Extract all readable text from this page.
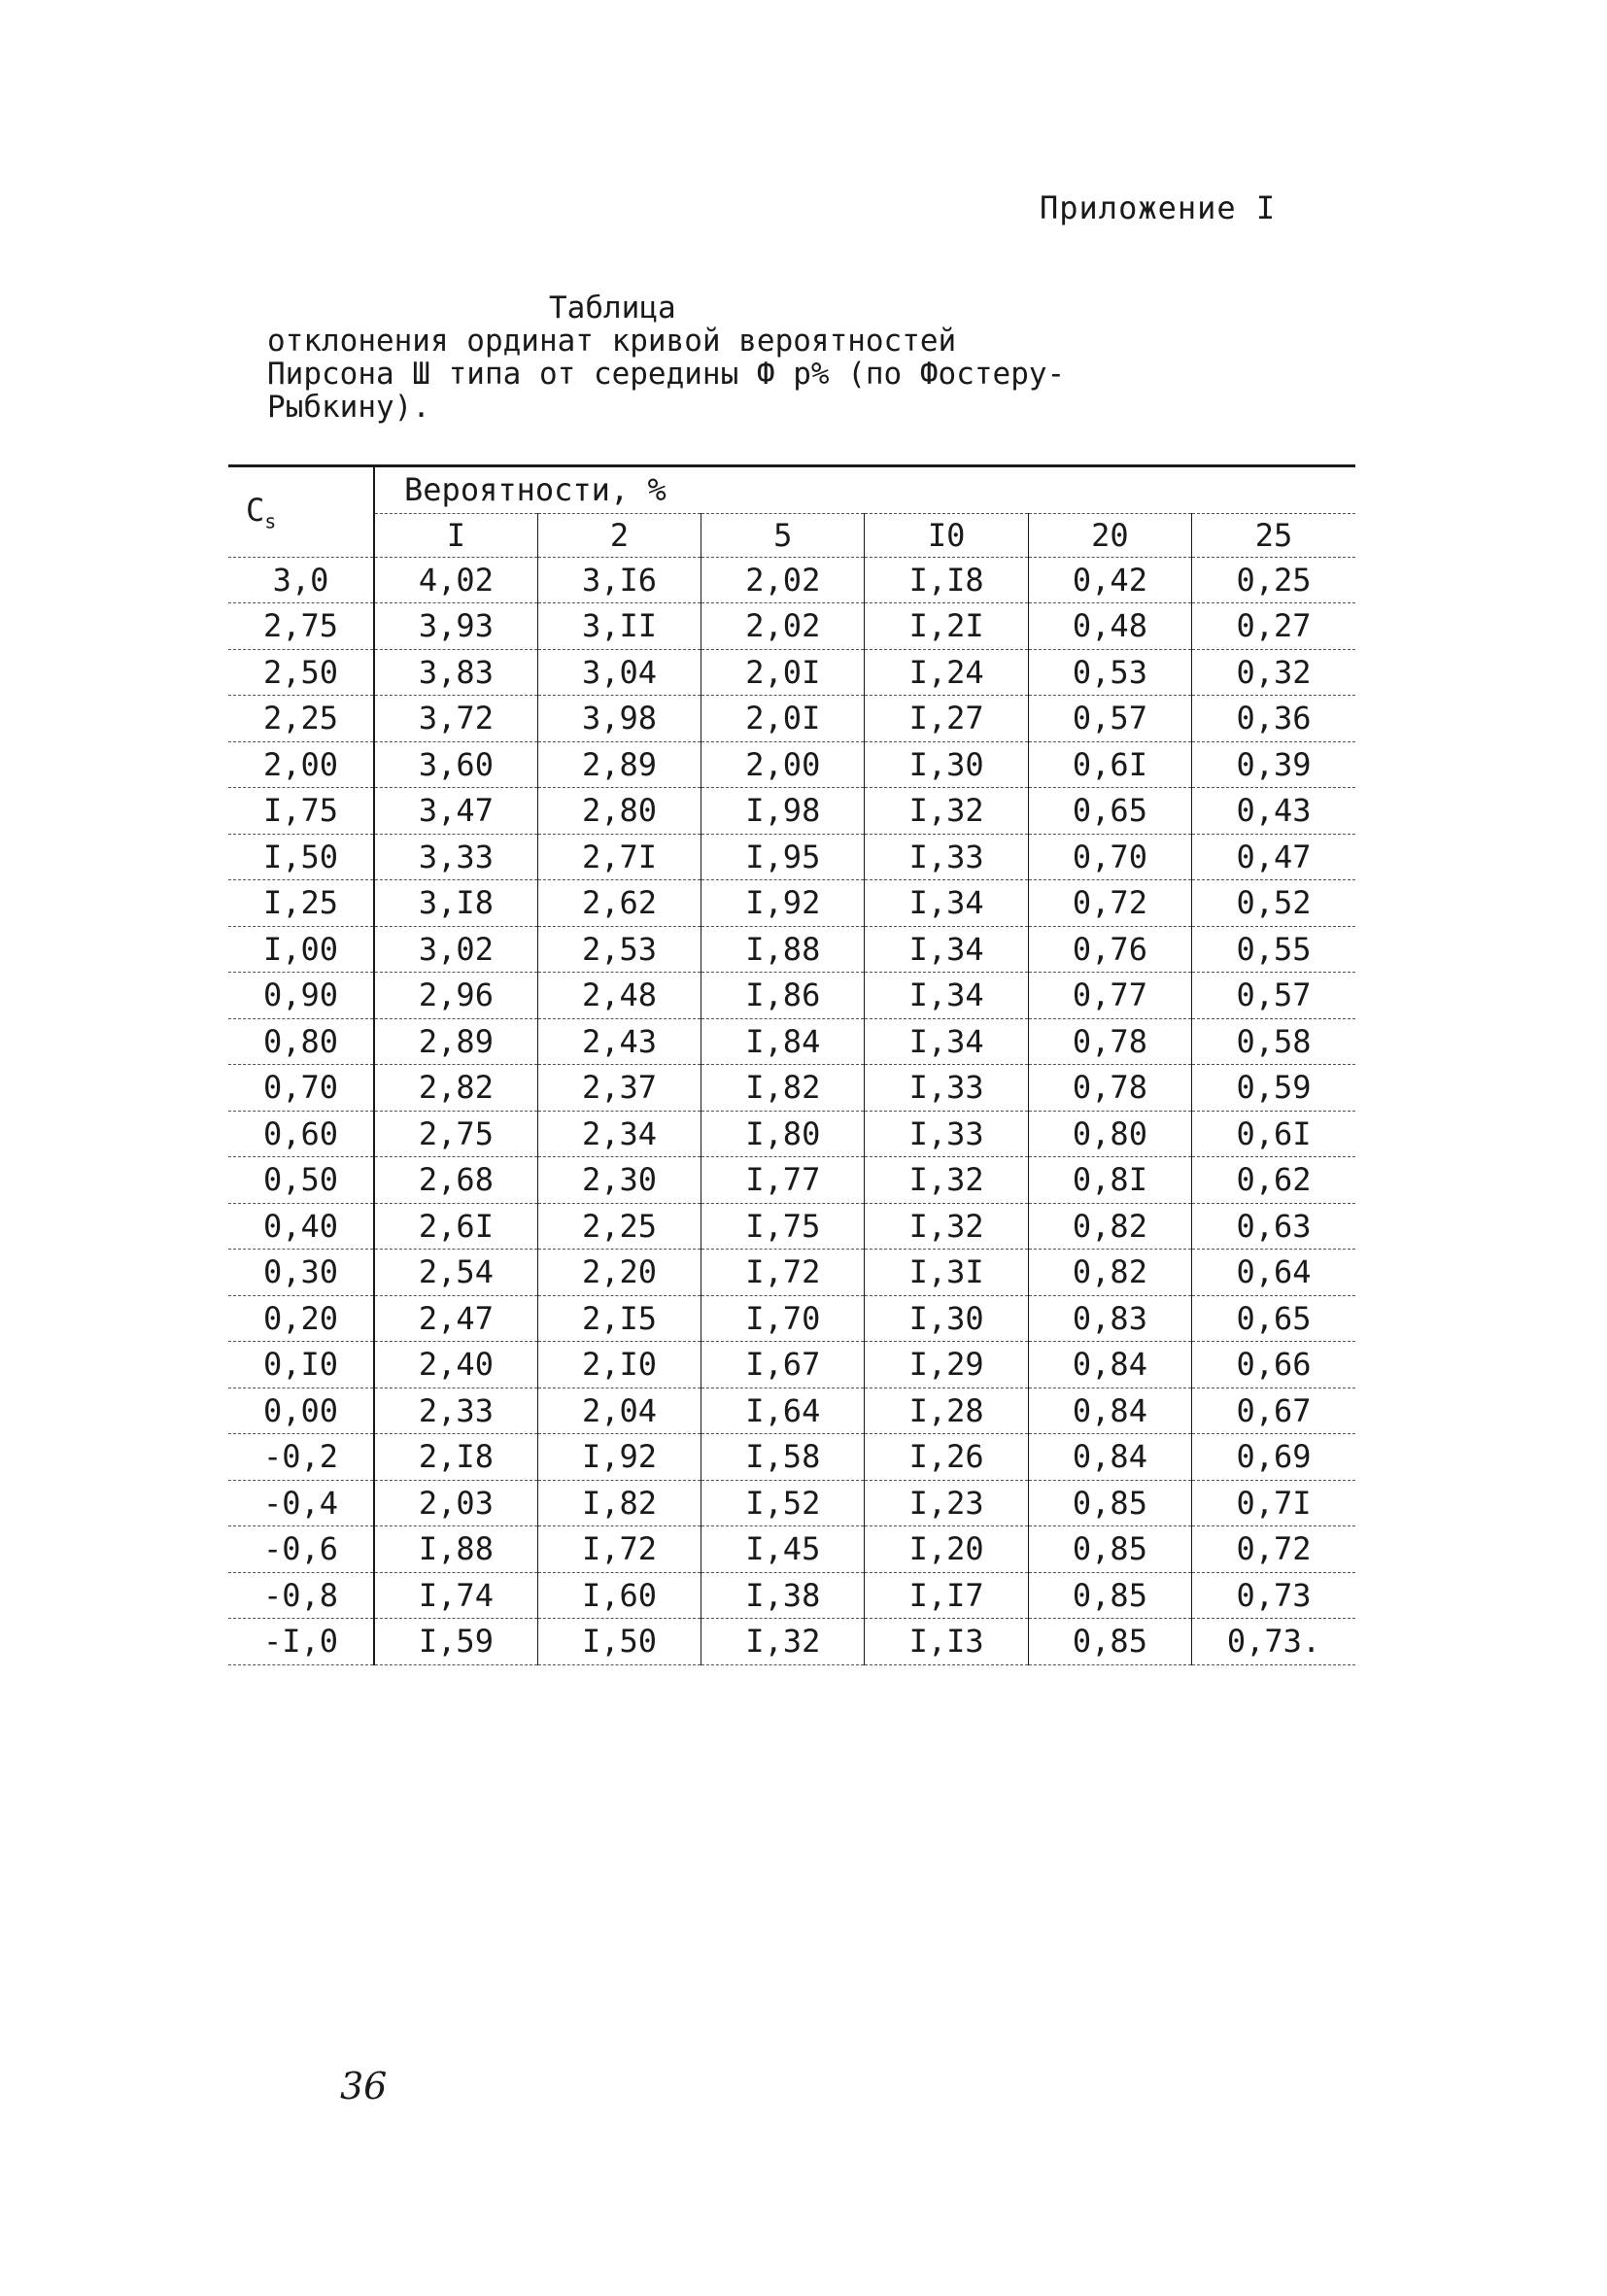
Приложение I
Таблица
отклонения ординат кривой вероятностей
Пирсона Ш типа от середины Ф р% (по Фостеру-
Рыбкину).
$C_s$	Вероятности, %					
	I	2	5	I0	20	25
3,0	4,02	3,I6	2,02	I,I8	0,42	0,25
2,75	3,93	3,II	2,02	I,2I	0,48	0,27
2,50	3,83	3,04	2,0I	I,24	0,53	0,32
2,25	3,72	3,98	2,0I	I,27	0,57	0,36
2,00	3,60	2,89	2,00	I,30	0,6I	0,39
I,75	3,47	2,80	I,98	I,32	0,65	0,43
I,50	3,33	2,7I	I,95	I,33	0,70	0,47
I,25	3,I8	2,62	I,92	I,34	0,72	0,52
I,00	3,02	2,53	I,88	I,34	0,76	0,55
0,90	2,96	2,48	I,86	I,34	0,77	0,57
0,80	2,89	2,43	I,84	I,34	0,78	0,58
0,70	2,82	2,37	I,82	I,33	0,78	0,59
0,60	2,75	2,34	I,80	I,33	0,80	0,6I
0,50	2,68	2,30	I,77	I,32	0,8I	0,62
0,40	2,6I	2,25	I,75	I,32	0,82	0,63
0,30	2,54	2,20	I,72	I,3I	0,82	0,64
0,20	2,47	2,I5	I,70	I,30	0,83	0,65
0,I0	2,40	2,I0	I,67	I,29	0,84	0,66
0,00	2,33	2,04	I,64	I,28	0,84	0,67
-0,2	2,I8	I,92	I,58	I,26	0,84	0,69
-0,4	2,03	I,82	I,52	I,23	0,85	0,7I
-0,6	I,88	I,72	I,45	I,20	0,85	0,72
-0,8	I,74	I,60	I,38	I,I7	0,85	0,73
-I,0	I,59	I,50	I,32	I,I3	0,85	0,73.
36
